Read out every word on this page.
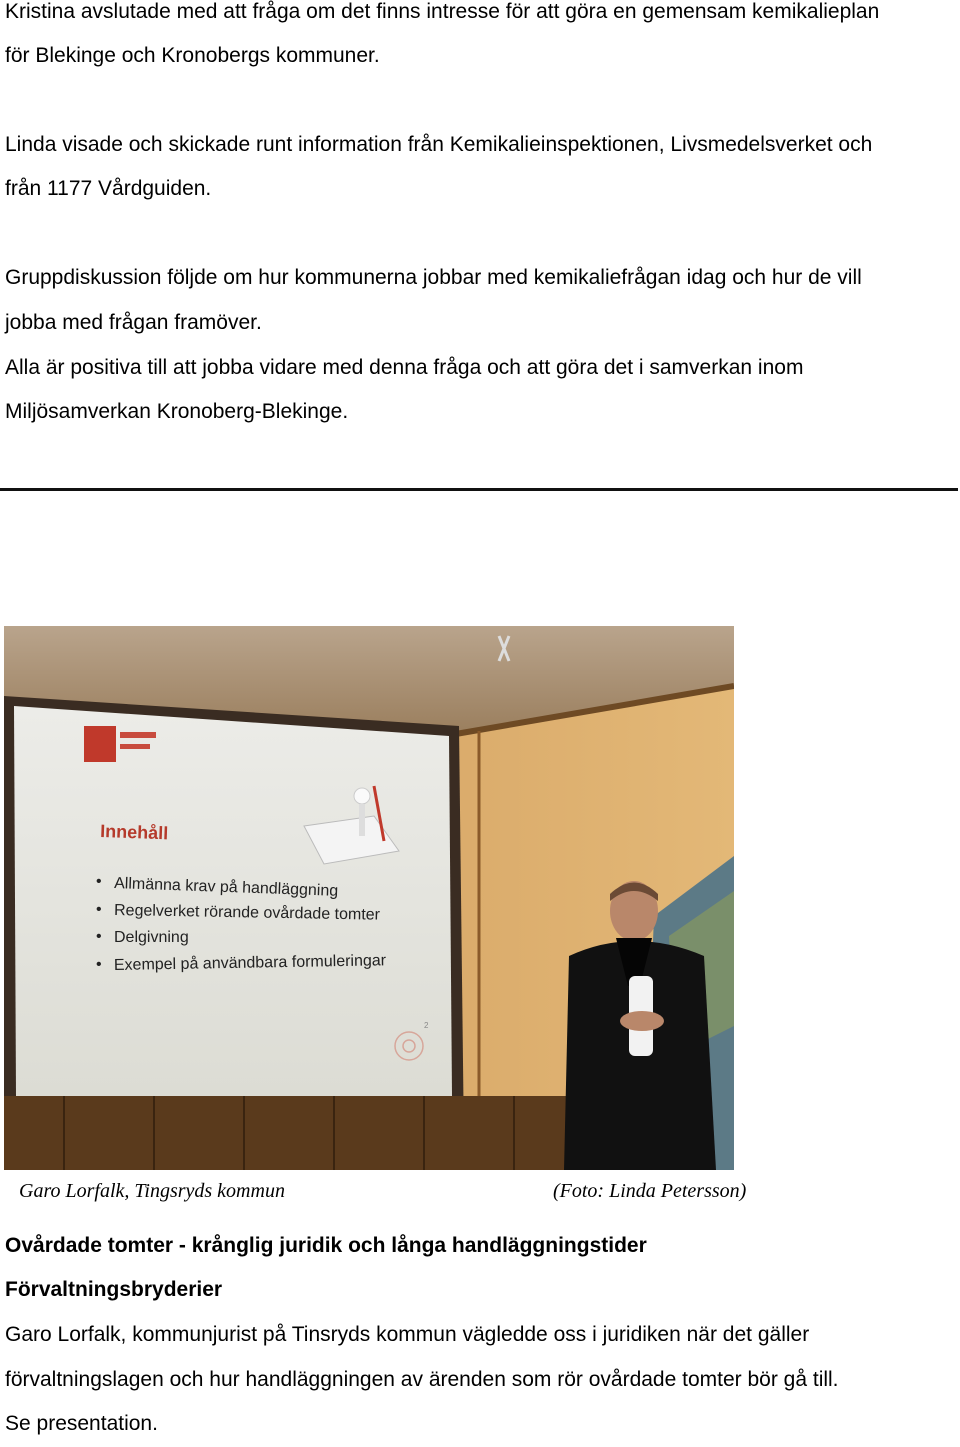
Kristina avslutade med att fråga om det finns intresse för att göra en gemensam kemikalieplan

för Blekinge och Kronobergs kommuner.

Linda visade och skickade runt information från Kemikalieinspektionen, Livsmedelsverket och

från 1177 Vårdguiden.

Gruppdiskussion följde om hur kommunerna jobbar med kemikaliefrågan idag och hur de vill

jobba med frågan framöver.

Alla är positiva till att jobba vidare med denna fråga och att göra det i samverkan inom

Miljösamverkan Kronoberg-Blekinge.

Innehåll
• Allmänna krav på handläggning
• Regelverket rörande ovårdade tomter
• Delgivning
• Exempel på användbara formuleringar
2
Garo Lorfalk, Tingsryds kommun	(Foto: Linda Petersson)

Ovårdade tomter - krånglig juridik och långa handläggningstider

Förvaltningsbryderier

Garo Lorfalk, kommunjurist på Tinsryds kommun vägledde oss i juridiken när det gäller

förvaltningslagen och hur handläggningen av ärenden som rör ovårdade tomter bör gå till.

Se presentation.
